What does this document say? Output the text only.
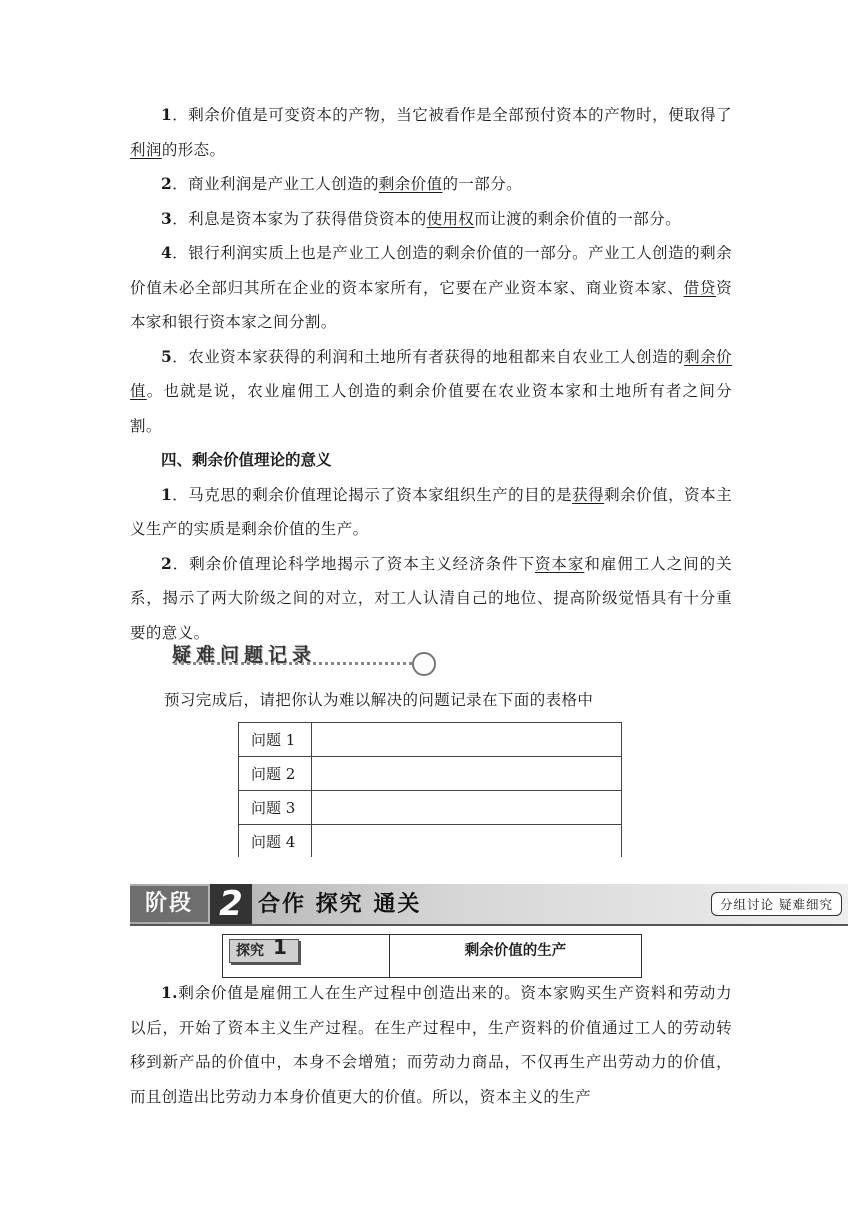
1．剩余价值是可变资本的产物，当它被看作是全部预付资本的产物时，便取得了利润的形态。

2．商业利润是产业工人创造的剩余价值的一部分。

3．利息是资本家为了获得借贷资本的使用权而让渡的剩余价值的一部分。

4．银行利润实质上也是产业工人创造的剩余价值的一部分。产业工人创造的剩余价值未必全部归其所在企业的资本家所有，它要在产业资本家、商业资本家、借贷资本家和银行资本家之间分割。

5．农业资本家获得的利润和土地所有者获得的地租都来自农业工人创造的剩余价值。也就是说，农业雇佣工人创造的剩余价值要在农业资本家和土地所有者之间分割。

四、剩余价值理论的意义

1．马克思的剩余价值理论揭示了资本家组织生产的目的是获得剩余价值，资本主义生产的实质是剩余价值的生产。

2．剩余价值理论科学地揭示了资本主义经济条件下资本家和雇佣工人之间的关系，揭示了两大阶级之间的对立，对工人认清自己的地位、提高阶级觉悟具有十分重要的意义。

疑难问题记录
预习完成后，请把你认为难以解决的问题记录在下面的表格中
问题 1	
问题 2	
问题 3	
问题 4	
阶段 2 合作 探究 通关	分组讨论 疑难细究
探究 1	剩余价值的生产

1.剩余价值是雇佣工人在生产过程中创造出来的。资本家购买生产资料和劳动力以后，开始了资本主义生产过程。在生产过程中，生产资料的价值通过工人的劳动转移到新产品的价值中，本身不会增殖；而劳动力商品，不仅再生产出劳动力的价值，而且创造出比劳动力本身价值更大的价值。所以，资本主义的生产
